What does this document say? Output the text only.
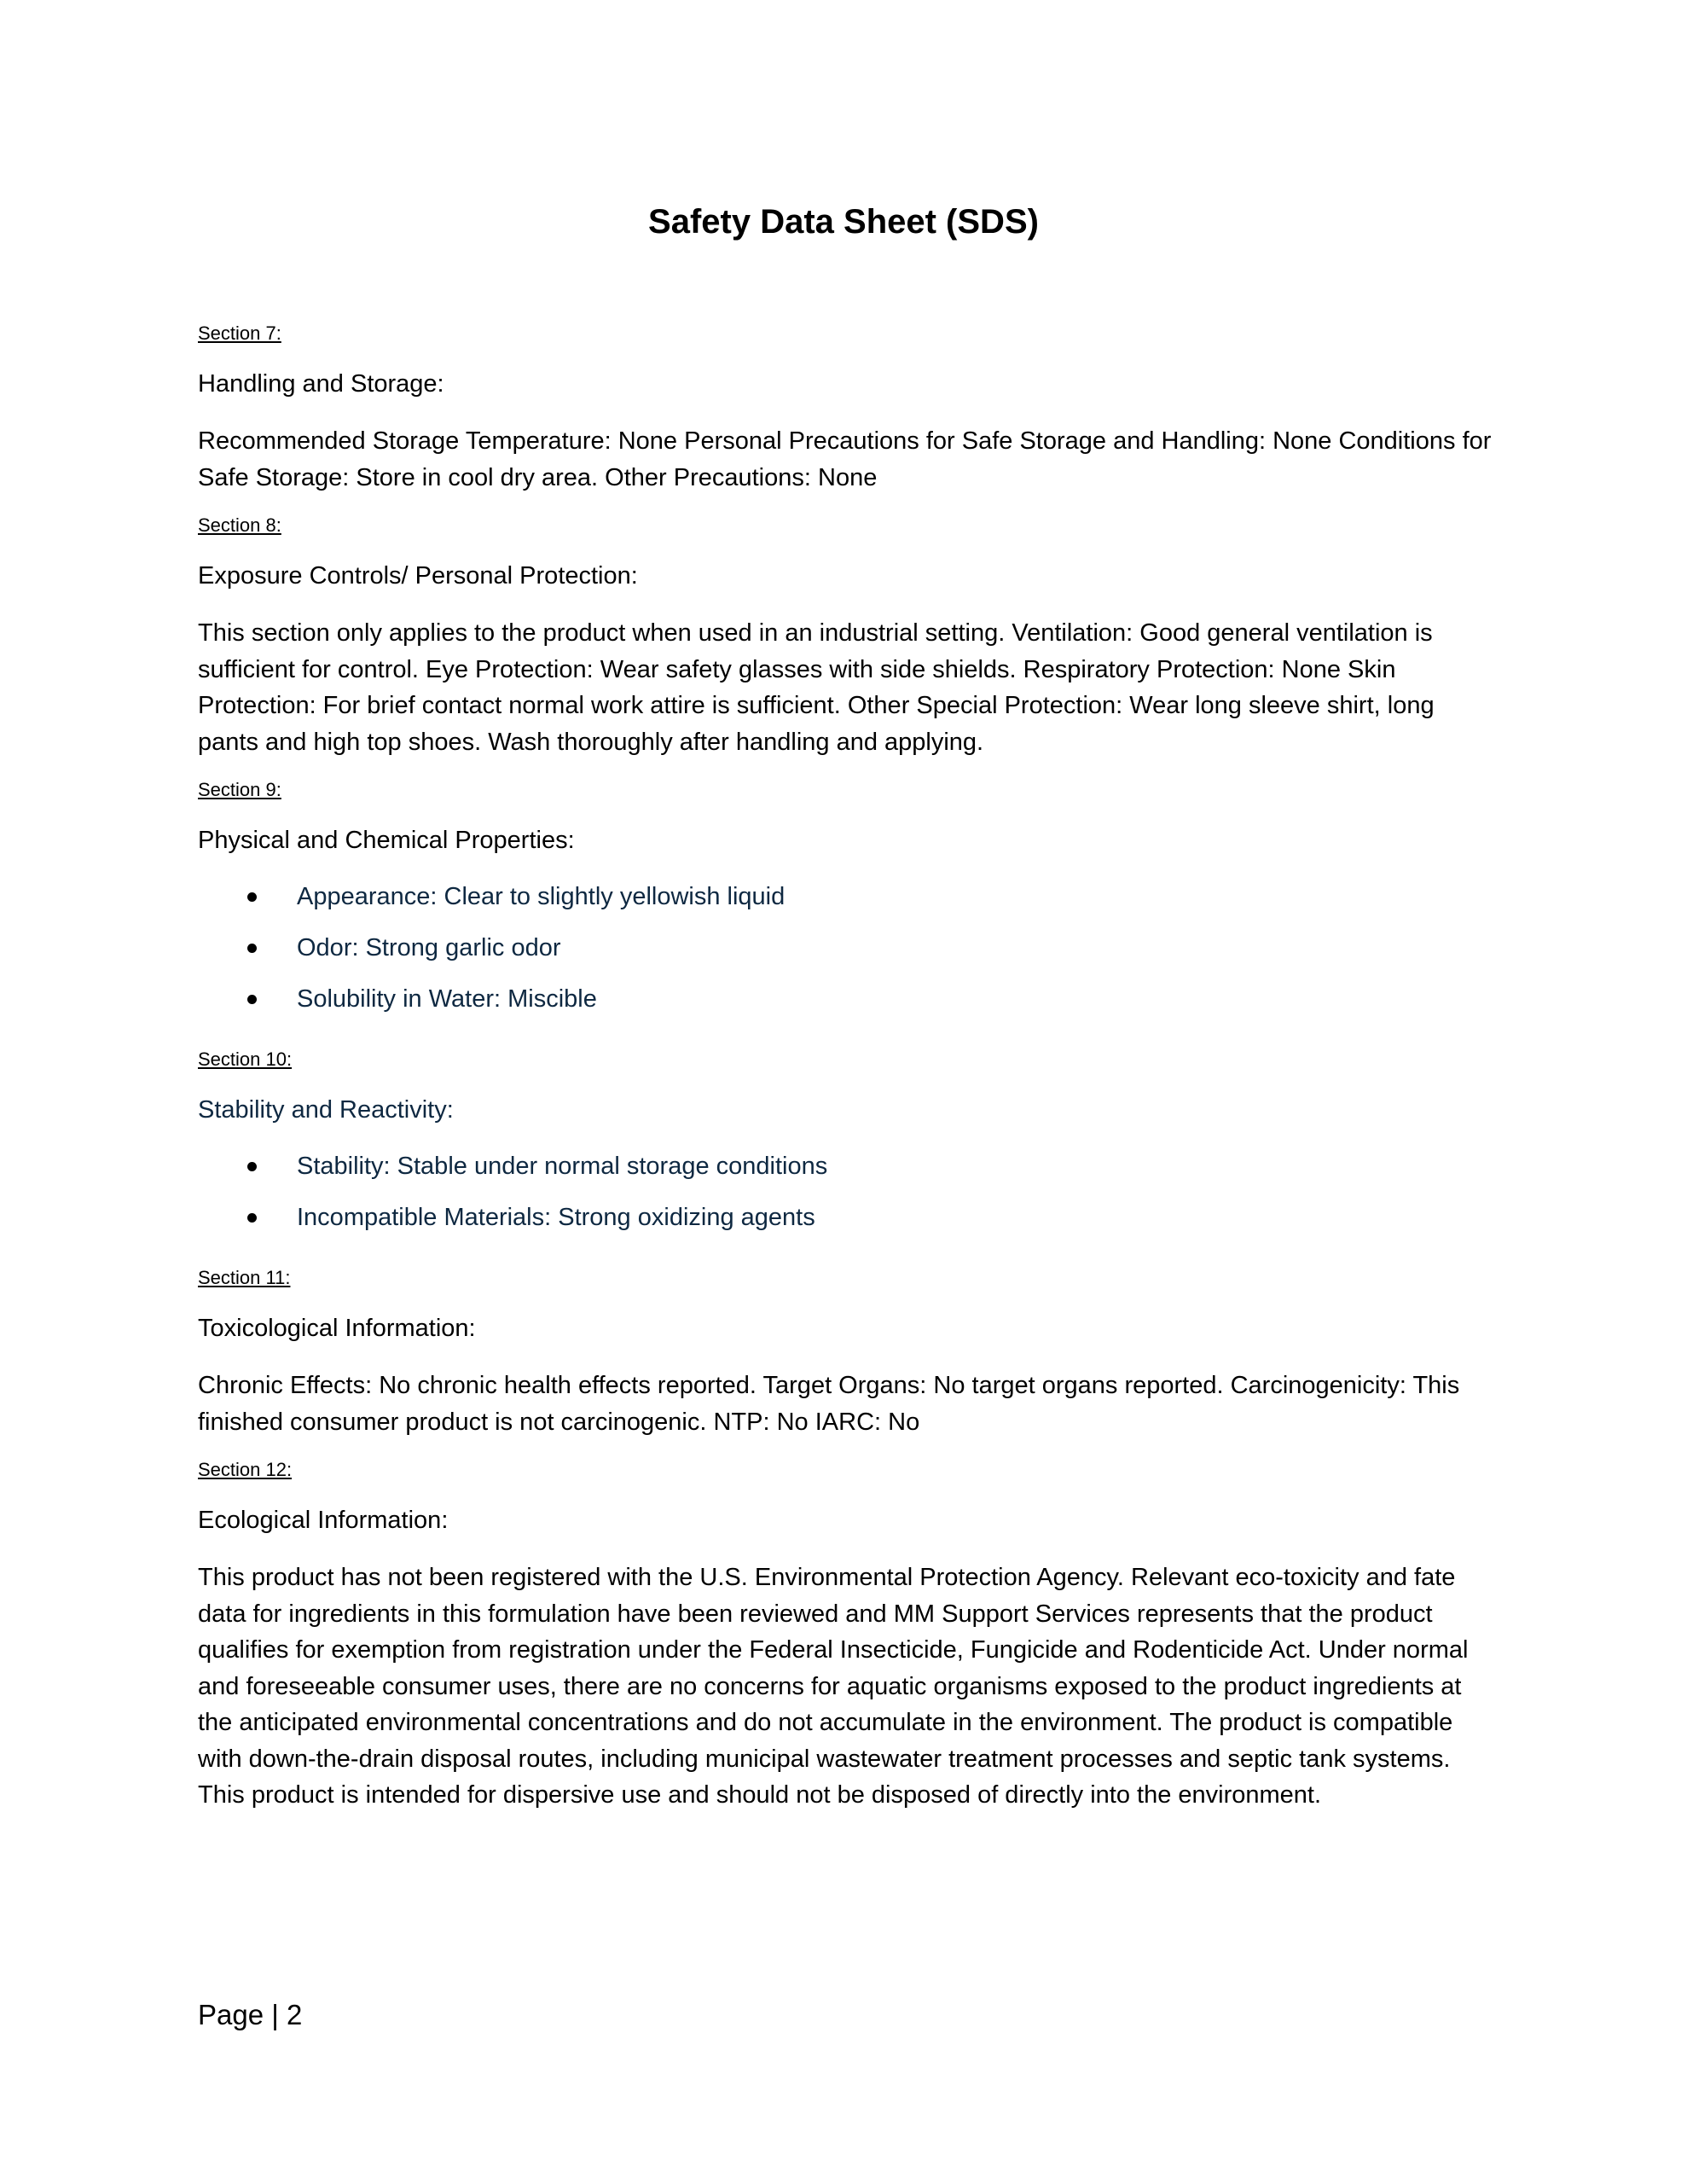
Safety Data Sheet (SDS)

Section 7:

Handling and Storage:

Recommended Storage Temperature: None Personal Precautions for Safe Storage and Handling: None Conditions for Safe Storage: Store in cool dry area. Other Precautions: None

Section 8:

Exposure Controls/ Personal Protection:

This section only applies to the product when used in an industrial setting. Ventilation: Good general ventilation is sufficient for control. Eye Protection: Wear safety glasses with side shields. Respiratory Protection: None Skin Protection: For brief contact normal work attire is sufficient. Other Special Protection: Wear long sleeve shirt, long pants and high top shoes. Wash thoroughly after handling and applying.

Section 9:

Physical and Chemical Properties:

Appearance: Clear to slightly yellowish liquid
Odor: Strong garlic odor
Solubility in Water: Miscible

Section 10:

Stability and Reactivity:

Stability: Stable under normal storage conditions
Incompatible Materials: Strong oxidizing agents

Section 11:

Toxicological Information:

Chronic Effects: No chronic health effects reported. Target Organs: No target organs reported. Carcinogenicity: This finished consumer product is not carcinogenic. NTP: No IARC: No

Section 12:

Ecological Information:

This product has not been registered with the U.S. Environmental Protection Agency. Relevant eco-toxicity and fate data for ingredients in this formulation have been reviewed and MM Support Services represents that the product qualifies for exemption from registration under the Federal Insecticide, Fungicide and Rodenticide Act. Under normal and foreseeable consumer uses, there are no concerns for aquatic organisms exposed to the product ingredients at the anticipated environmental concentrations and do not accumulate in the environment. The product is compatible with down-the-drain disposal routes, including municipal wastewater treatment processes and septic tank systems. This product is intended for dispersive use and should not be disposed of directly into the environment.

Page | 2
